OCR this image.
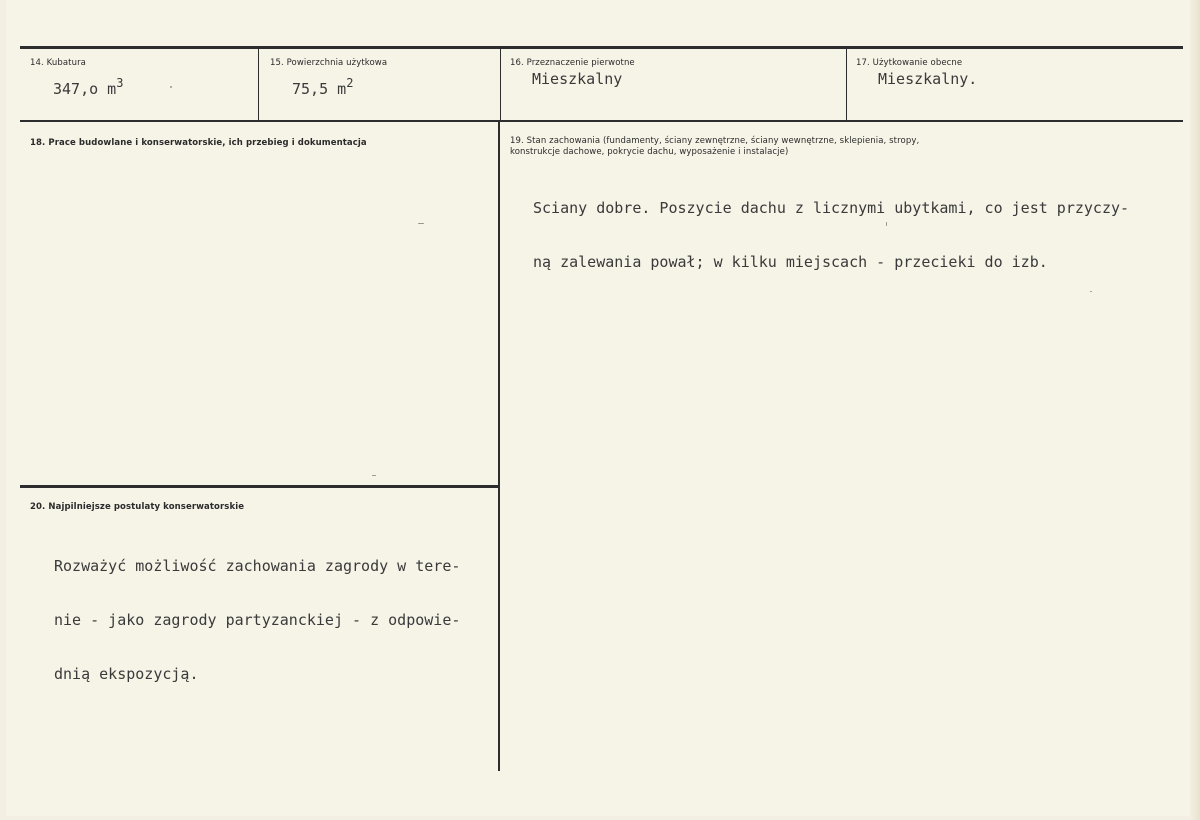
14. Kubatura
347,o $m^3$
15. Powierzchnia użytkowa
75,5 $m^2$
16. Przeznaczenie pierwotne
Mieszkalny
17. Użytkowanie obecne
Mieszkalny.
18. Prace budowlane i konserwatorskie, ich przebieg i dokumentacja	19. Stan zachowania (fundamenty, ściany zewnętrzne, ściany wewnętrzne, sklepienia, stropy,
konstrukcje dachowe, pokrycie dachu, wyposażenie i instalacje)

Sciany dobre. Poszycie dachu z licznymi ubytkami, co jest przyczy-

ną zalewania pował; w kilku miejscach - przecieki do izb.

20. Najpilniejsze postulaty konserwatorskie

Rozważyć możliwość zachowania zagrody w tere-

nie - jako zagrody partyzanckiej - z odpowie-

dnią ekspozycją.
